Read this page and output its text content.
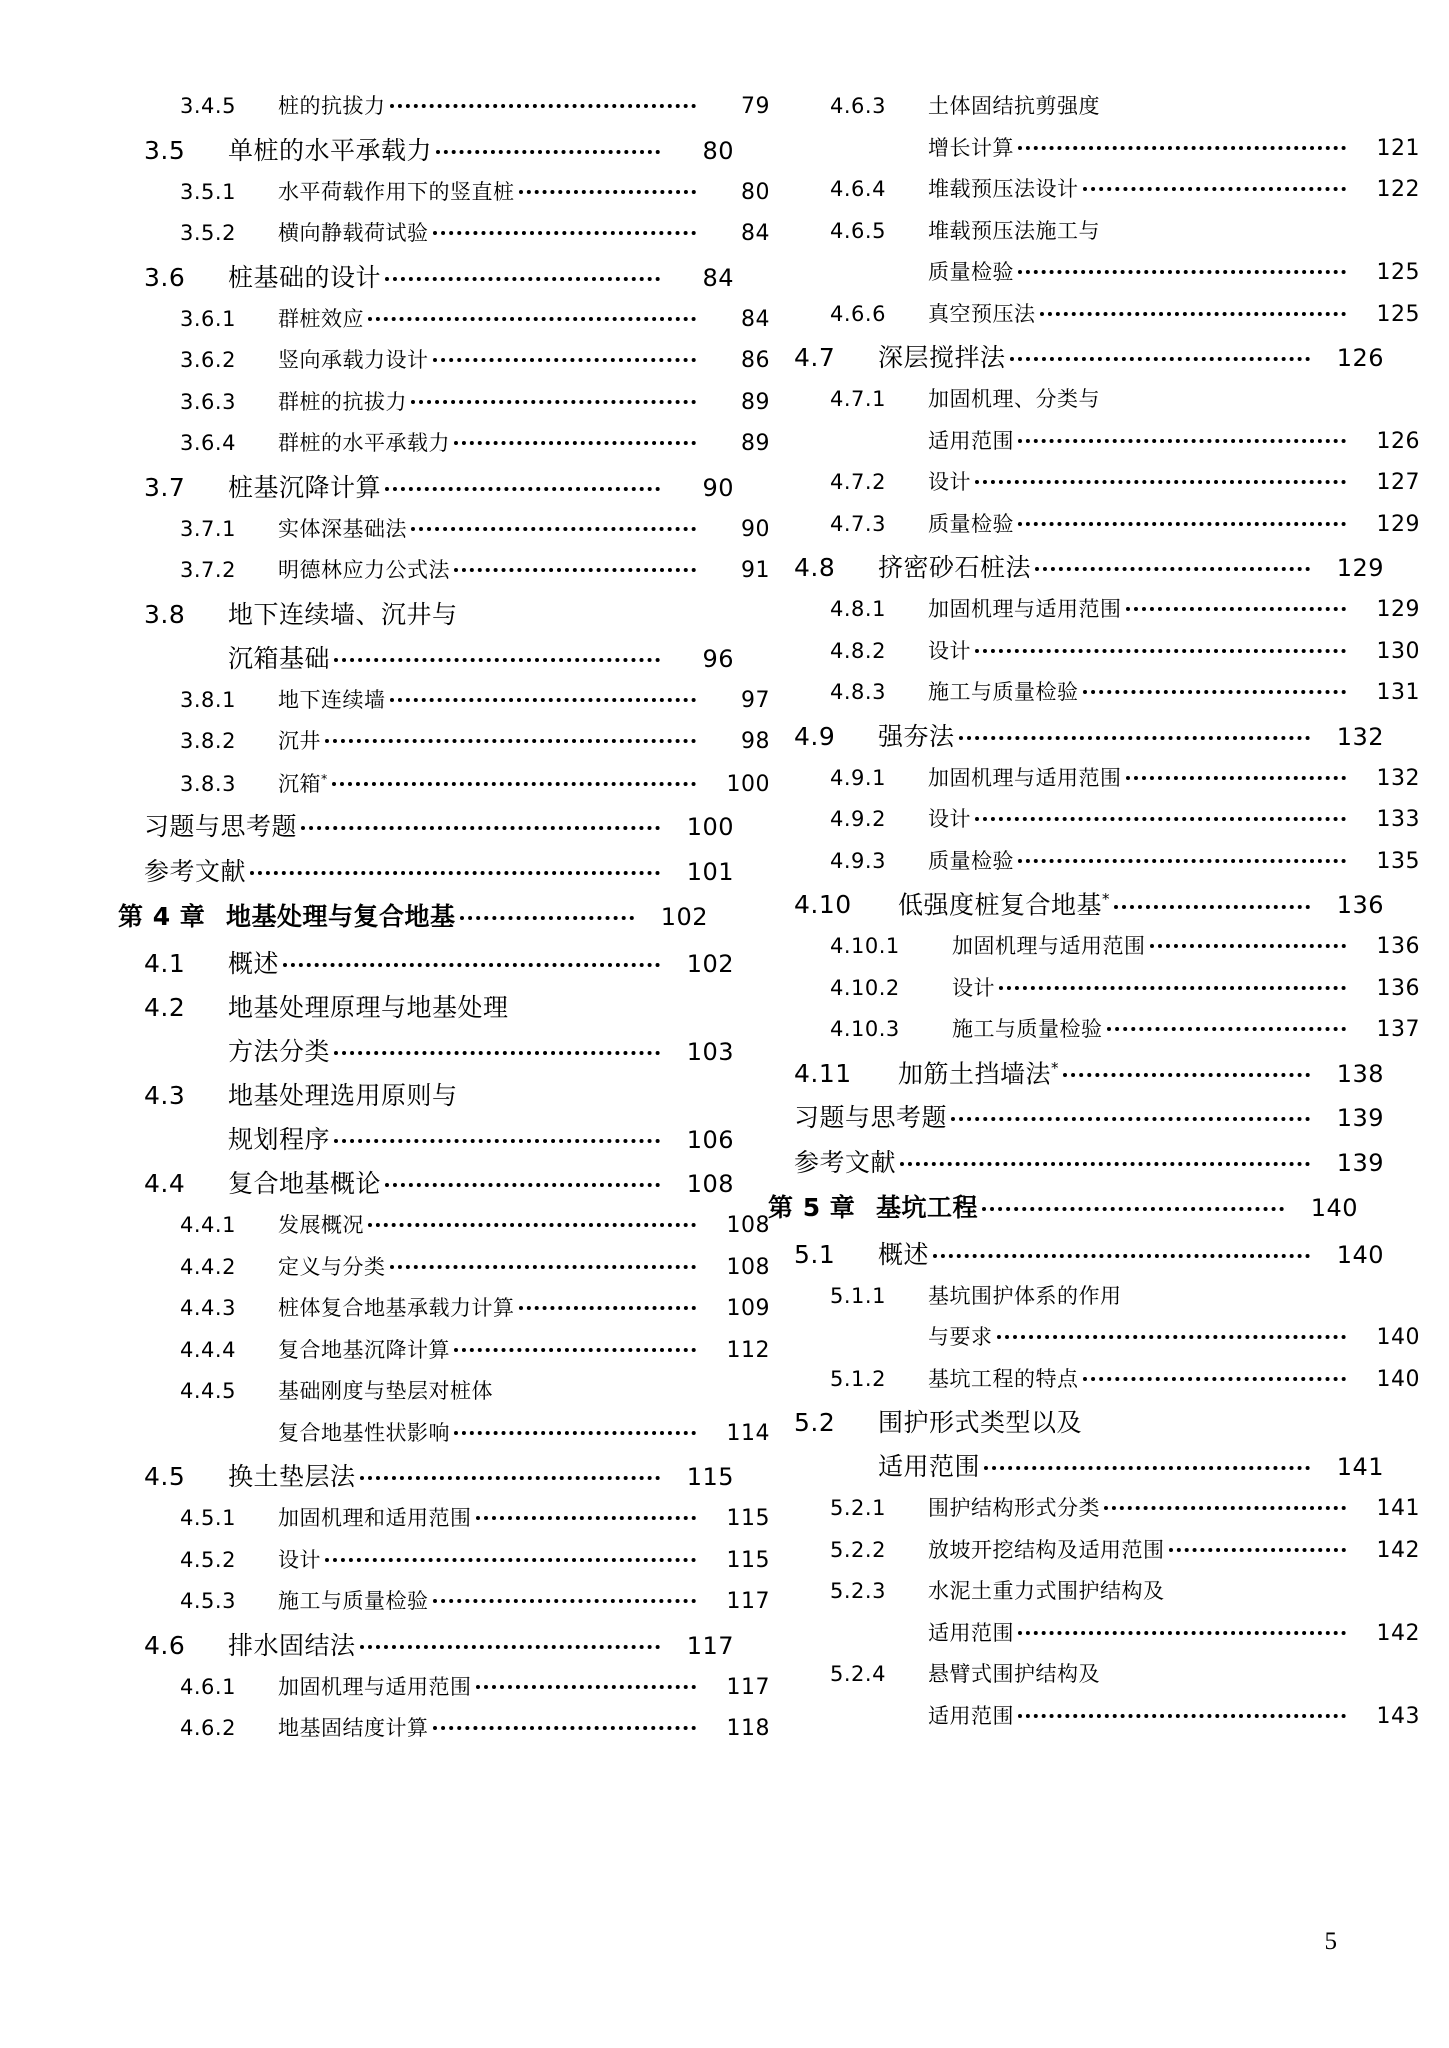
3.4.5	桩的抗拔力	79
3.5	单桩的水平承载力	80
3.5.1	水平荷载作用下的竖直桩	80
3.5.2	横向静载荷试验	84
3.6	桩基础的设计	84
3.6.1	群桩效应	84
3.6.2	竖向承载力设计	86
3.6.3	群桩的抗拔力	89
3.6.4	群桩的水平承载力	89
3.7	桩基沉降计算	90
3.7.1	实体深基础法	90
3.7.2	明德林应力公式法	91
3.8	地下连续墙、沉井与
沉箱基础	96
3.8.1	地下连续墙	97
3.8.2	沉井	98
3.8.3	沉箱*	100
习题与思考题	100
参考文献	101
第 4 章 地基处理与复合地基	102
4.1	概述	102
4.2	地基处理原理与地基处理
方法分类	103
4.3	地基处理选用原则与
规划程序	106
4.4	复合地基概论	108
4.4.1	发展概况	108
4.4.2	定义与分类	108
4.4.3	桩体复合地基承载力计算	109
4.4.4	复合地基沉降计算	112
4.4.5	基础刚度与垫层对桩体
复合地基性状影响	114
4.5	换土垫层法	115
4.5.1	加固机理和适用范围	115
4.5.2	设计	115
4.5.3	施工与质量检验	117
4.6	排水固结法	117
4.6.1	加固机理与适用范围	117
4.6.2	地基固结度计算	118
4.6.3	土体固结抗剪强度
增长计算	121
4.6.4	堆载预压法设计	122
4.6.5	堆载预压法施工与
质量检验	125
4.6.6	真空预压法	125
4.7	深层搅拌法	126
4.7.1	加固机理、分类与
适用范围	126
4.7.2	设计	127
4.7.3	质量检验	129
4.8	挤密砂石桩法	129
4.8.1	加固机理与适用范围	129
4.8.2	设计	130
4.8.3	施工与质量检验	131
4.9	强夯法	132
4.9.1	加固机理与适用范围	132
4.9.2	设计	133
4.9.3	质量检验	135
4.10	低强度桩复合地基*	136
4.10.1	加固机理与适用范围	136
4.10.2	设计	136
4.10.3	施工与质量检验	137
4.11	加筋土挡墙法*	138
习题与思考题	139
参考文献	139
第 5 章 基坑工程	140
5.1	概述	140
5.1.1	基坑围护体系的作用
与要求	140
5.1.2	基坑工程的特点	140
5.2	围护形式类型以及
适用范围	141
5.2.1	围护结构形式分类	141
5.2.2	放坡开挖结构及适用范围	142
5.2.3	水泥土重力式围护结构及
适用范围	142
5.2.4	悬臂式围护结构及
适用范围	143
5
